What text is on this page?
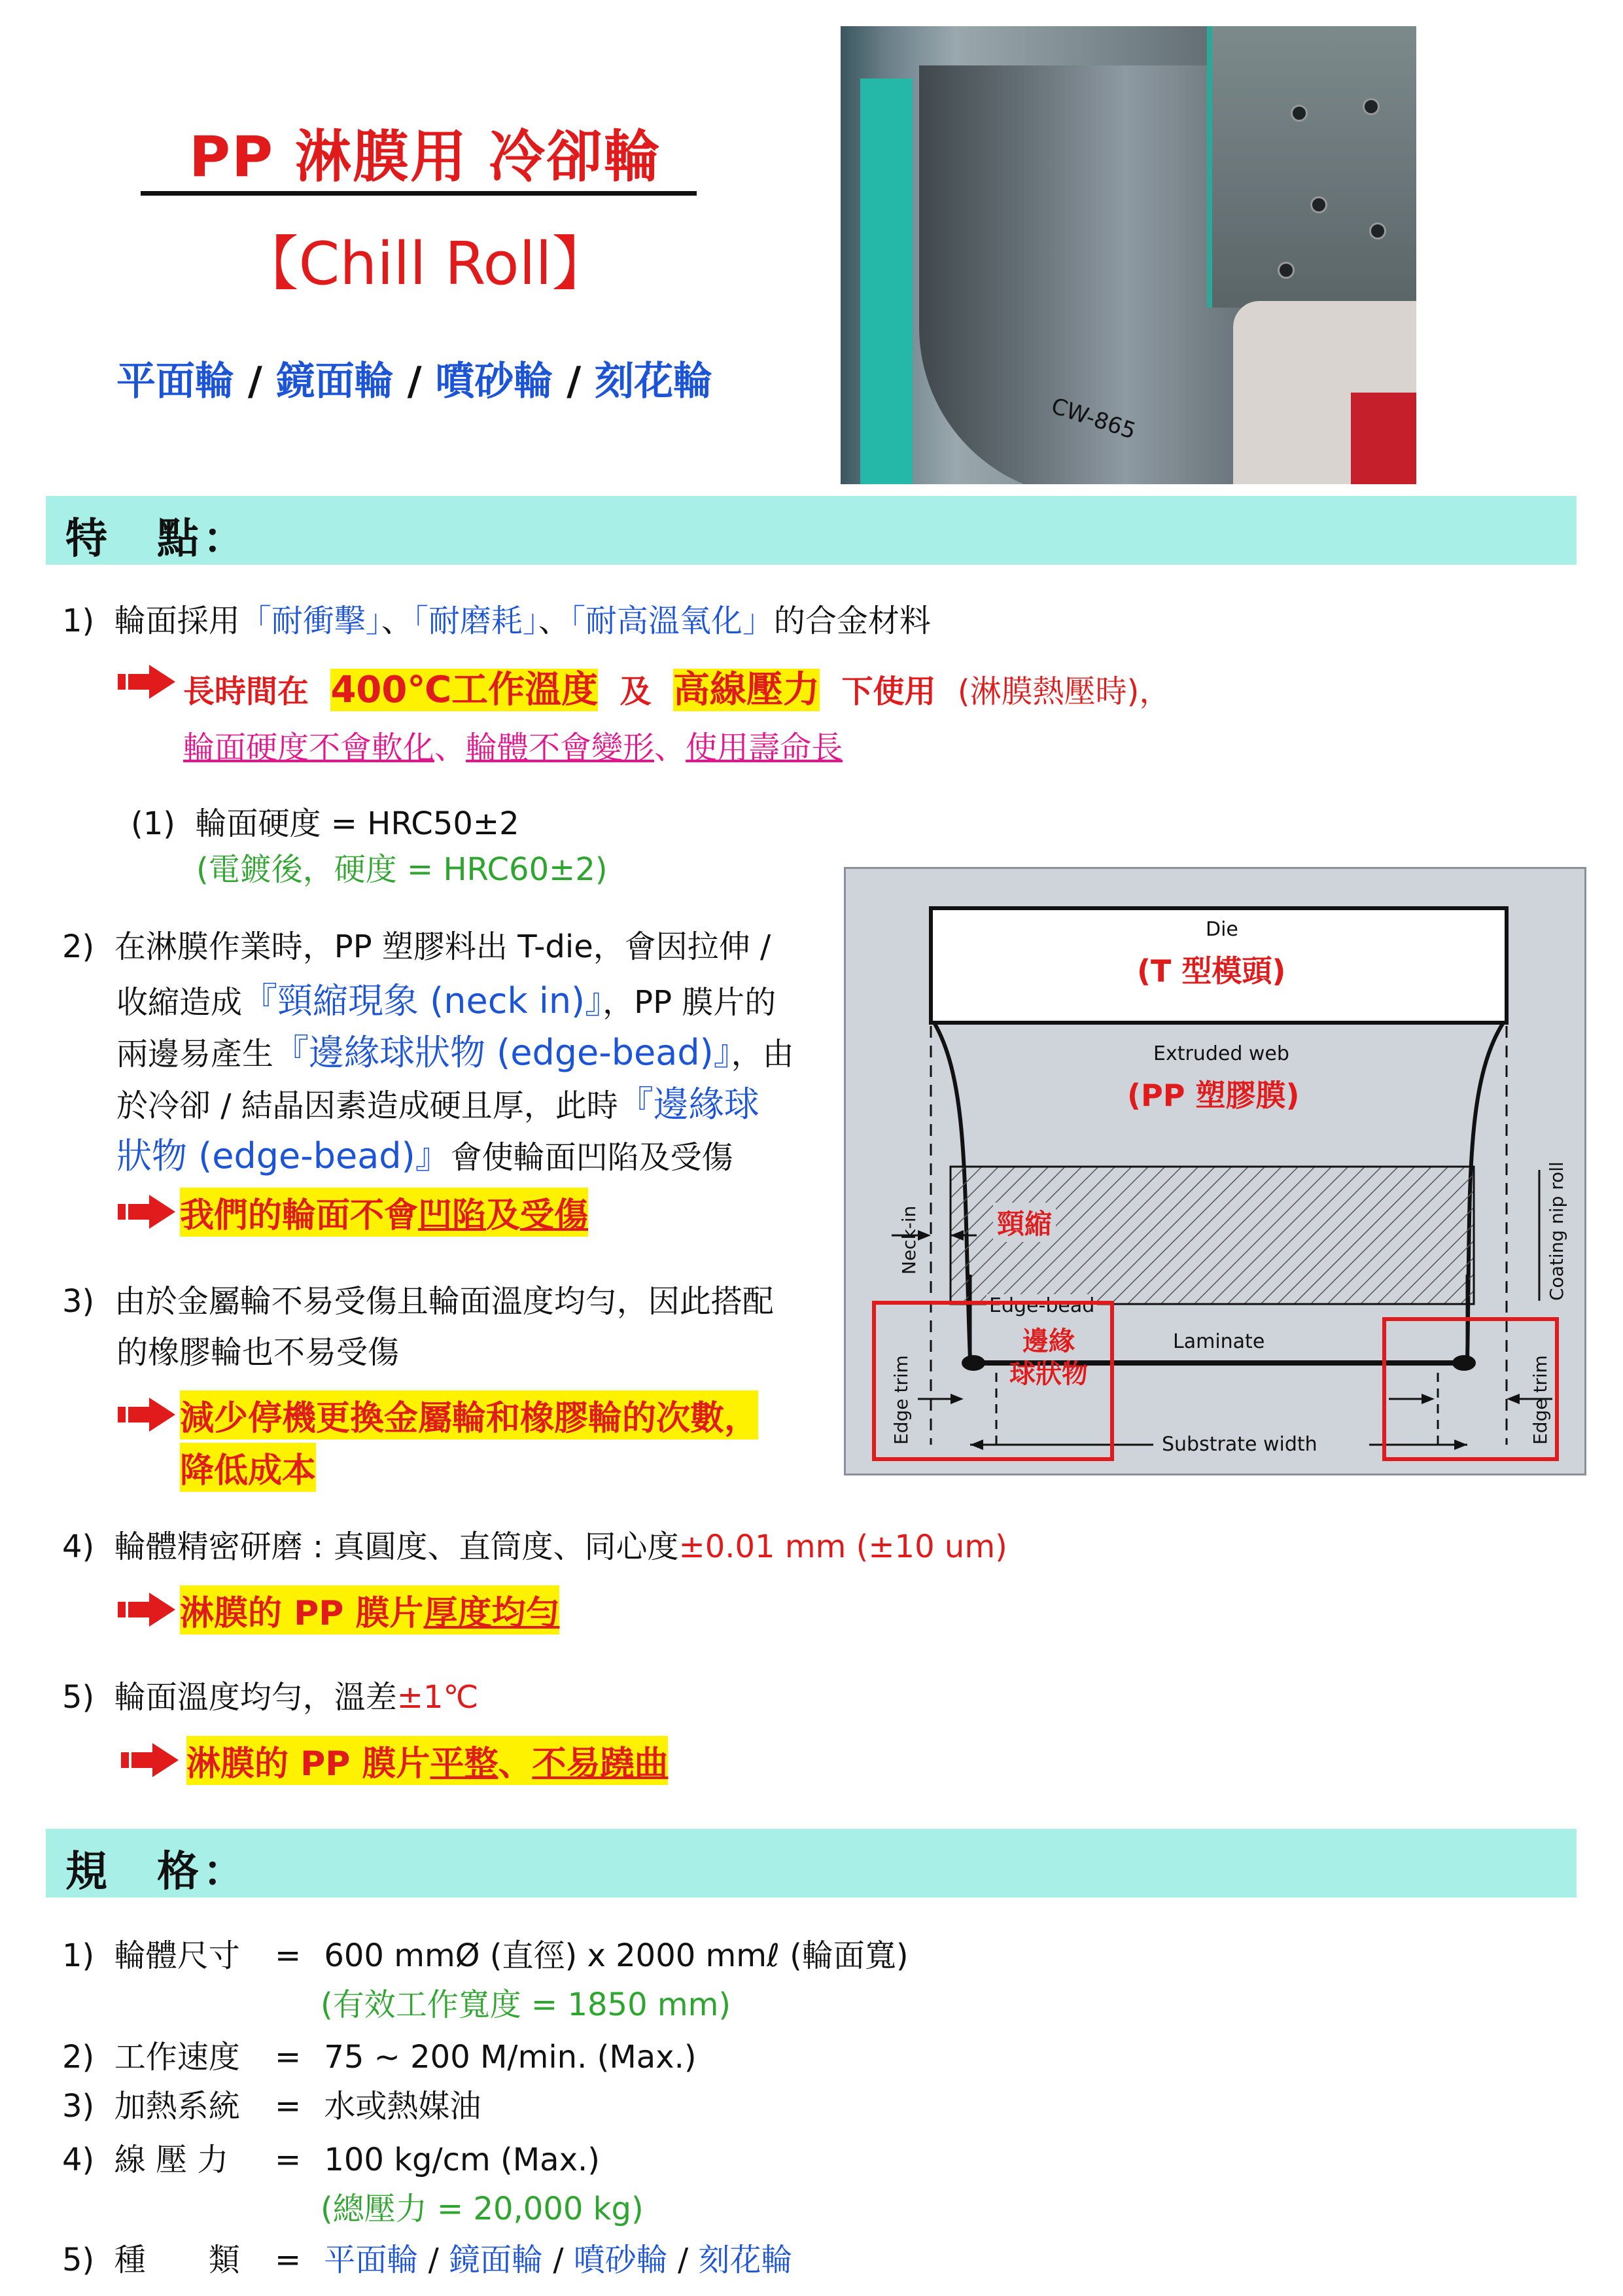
PP 淋膜用 冷卻輪
【Chill Roll】
平面輪 / 鏡面輪 / 噴砂輪 / 刻花輪
CW-865
特　點：
1) 輪面採用「耐衝擊」、「耐磨耗」、「耐高溫氧化」的合金材料
長時間在 400℃工作溫度 及 高線壓力 下使用 (淋膜熱壓時)，
輪面硬度不會軟化、輪體不會變形、使用壽命長
(1) 輪面硬度 = HRC50±2
(電鍍後，硬度 = HRC60±2)
2) 在淋膜作業時，PP 塑膠料出 T-die，會因拉伸 /
收縮造成『頸縮現象 (neck in)』，PP 膜片的
兩邊易產生『邊緣球狀物 (edge-bead)』，由
於冷卻 / 結晶因素造成硬且厚，此時『邊緣球
狀物 (edge-bead)』會使輪面凹陷及受傷
我們的輪面不會凹陷及受傷
3) 由於金屬輪不易受傷且輪面溫度均勻，因此搭配
的橡膠輪也不易受傷
減少停機更換金屬輪和橡膠輪的次數，
降低成本
Die
(T 型模頭)
Extruded web
(PP 塑膠膜)
Neck-in	頸縮	Coating nip roll
Edge-bead
邊緣
球狀物
Laminate
Edge trim	Edge trim
Substrate width
4) 輪體精密研磨 : 真圓度、直筒度、同心度±0.01 mm (±10 um)
淋膜的 PP 膜片厚度均勻
5) 輪面溫度均勻，溫差±1℃
淋膜的 PP 膜片平整、不易蹺曲
規　格：
1) 輪體尺寸 = 600 mmØ (直徑) x 2000 mmℓ (輪面寬)
(有效工作寬度 = 1850 mm)
2) 工作速度 = 75 ~ 200 M/min. (Max.)
3) 加熱系統 = 水或熱媒油
4) 線 壓 力 = 100 kg/cm (Max.)
(總壓力 = 20,000 kg)
5) 種　　類 = 平面輪 / 鏡面輪 / 噴砂輪 / 刻花輪
